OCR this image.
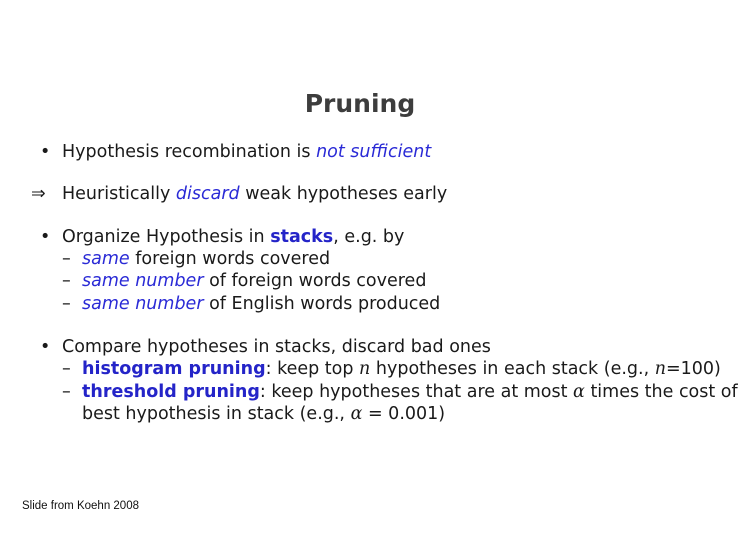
Pruning
• Hypothesis recombination is not sufficient
⇒ Heuristically discard weak hypotheses early
• Organize Hypothesis in stacks, e.g. by
– same foreign words covered
– same number of foreign words covered
– same number of English words produced
• Compare hypotheses in stacks, discard bad ones
– histogram pruning: keep top n hypotheses in each stack (e.g., n=100)
– threshold pruning: keep hypotheses that are at most α times the cost of
best hypothesis in stack (e.g., α = 0.001)
Slide from Koehn 2008
